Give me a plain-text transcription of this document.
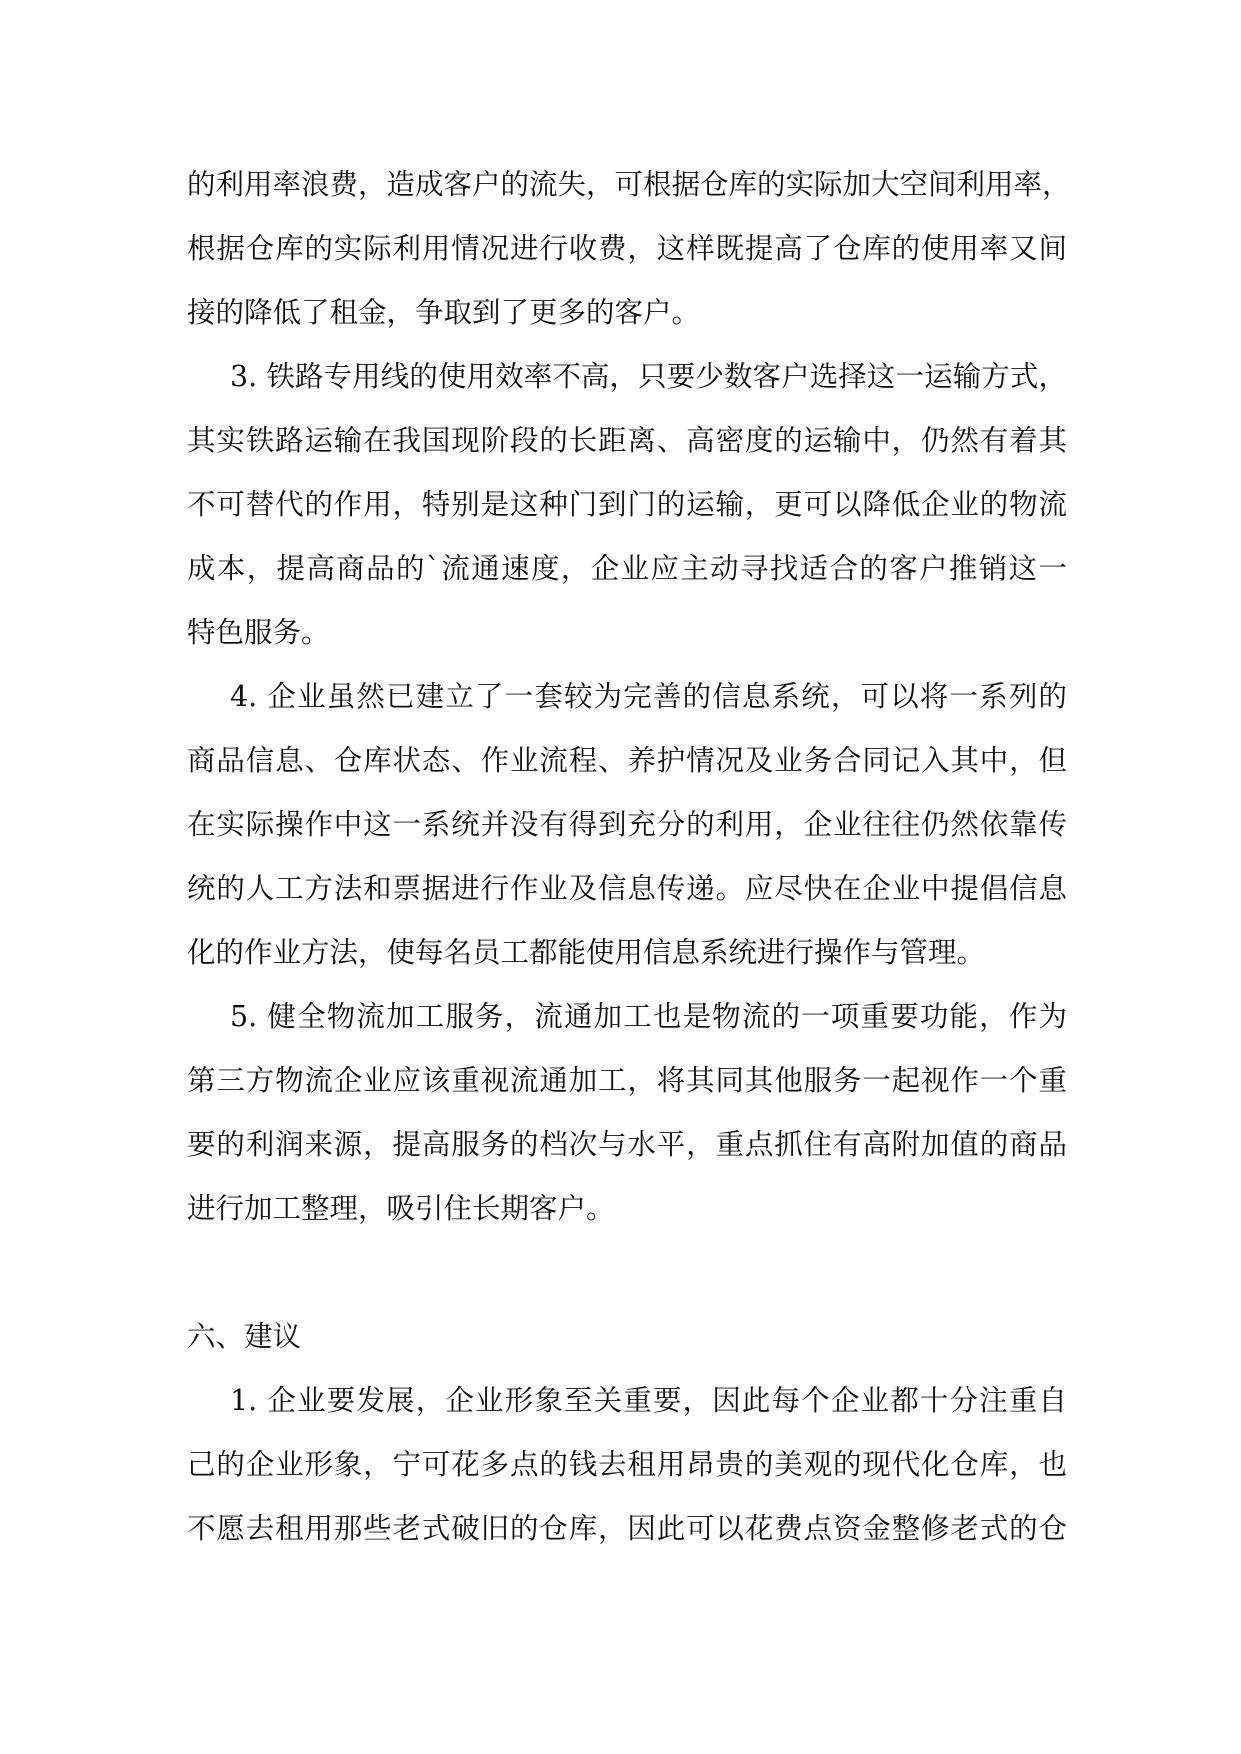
的利用率浪费，造成客户的流失，可根据仓库的实际加大空间利用率，
根据仓库的实际利用情况进行收费，这样既提高了仓库的使用率又间
接的降低了租金，争取到了更多的客户。
3. 铁路专用线的使用效率不高，只要少数客户选择这一运输方式，
其实铁路运输在我国现阶段的长距离、高密度的运输中，仍然有着其
不可替代的作用，特别是这种门到门的运输，更可以降低企业的物流
成本，提高商品的`流通速度，企业应主动寻找适合的客户推销这一
特色服务。
4. 企业虽然已建立了一套较为完善的信息系统，可以将一系列的
商品信息、仓库状态、作业流程、养护情况及业务合同记入其中，但
在实际操作中这一系统并没有得到充分的利用，企业往往仍然依靠传
统的人工方法和票据进行作业及信息传递。应尽快在企业中提倡信息
化的作业方法，使每名员工都能使用信息系统进行操作与管理。
5. 健全物流加工服务，流通加工也是物流的一项重要功能，作为
第三方物流企业应该重视流通加工，将其同其他服务一起视作一个重
要的利润来源，提高服务的档次与水平，重点抓住有高附加值的商品
进行加工整理，吸引住长期客户。
六、建议
1. 企业要发展，企业形象至关重要，因此每个企业都十分注重自
己的企业形象，宁可花多点的钱去租用昂贵的美观的现代化仓库，也
不愿去租用那些老式破旧的仓库，因此可以花费点资金整修老式的仓
